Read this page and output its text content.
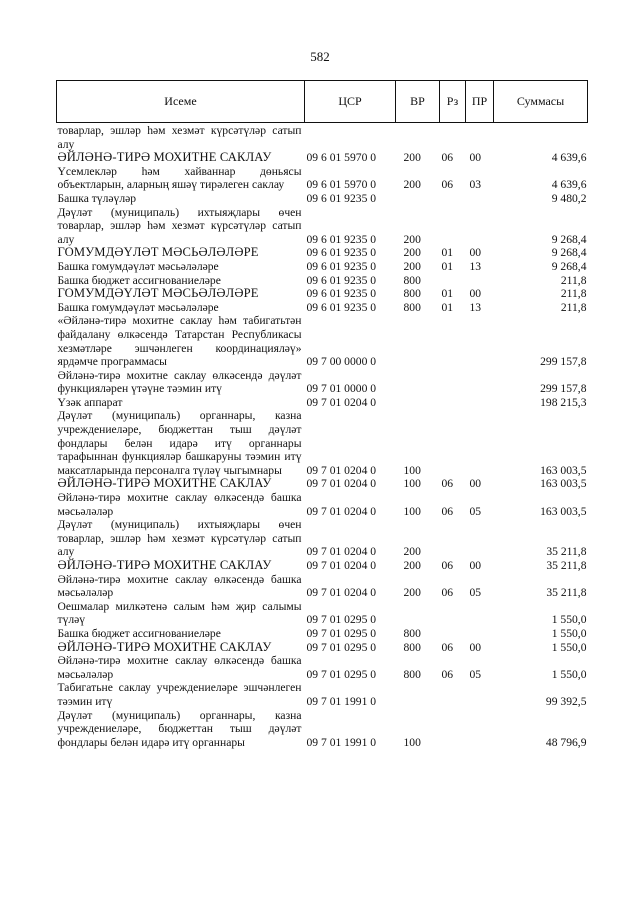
582
Исеме	ЦСР	ВР	Рз	ПР	Суммасы
товарлар, эшләр һәм хезмәт күрсәтүләр сатып алу					
ӘЙЛӘНӘ-ТИРӘ МОХИТНЕ САКЛАУ	09 6 01 5970 0	200	06	00	4 639,6
Үсемлекләр һәм хайваннар дөньясы объектларын, аларның яшәү тирәлеген саклау	09 6 01 5970 0	200	06	03	4 639,6
Башка түләүләр	09 6 01 9235 0				9 480,2
Дәүләт (муниципаль) ихтыяҗлары өчен товарлар, эшләр һәм хезмәт күрсәтүләр сатып алу	09 6 01 9235 0	200			9 268,4
ГОМУМДӘҮЛӘТ МӘСЬӘЛӘЛӘРЕ	09 6 01 9235 0	200	01	00	9 268,4
Башка гомумдәүләт мәсьәләләре	09 6 01 9235 0	200	01	13	9 268,4
Башка бюджет ассигнованиеләре	09 6 01 9235 0	800			211,8
ГОМУМДӘҮЛӘТ МӘСЬӘЛӘЛӘРЕ	09 6 01 9235 0	800	01	00	211,8
Башка гомумдәүләт мәсьәләләре	09 6 01 9235 0	800	01	13	211,8
«Әйләнә-тирә мохитне саклау һәм табигатьтән файдалану өлкәсендә Татарстан Республикасы хезмәтләре эшчәнлеген координацияләү» ярдәмче программасы	09 7 00 0000 0				299 157,8
Әйләнә-тирә мохитне саклау өлкәсендә дәүләт функцияләрен үтәүне тәэмин итү	09 7 01 0000 0				299 157,8
Үзәк аппарат	09 7 01 0204 0				198 215,3
Дәүләт (муниципаль) органнары, казна учреждениеләре, бюджеттан тыш дәүләт фондлары белән идарә итү органнары тарафыннан функцияләр башкаруны тәэмин итү максатларында персоналга түләү чыгымнары	09 7 01 0204 0	100			163 003,5
ӘЙЛӘНӘ-ТИРӘ МОХИТНЕ САКЛАУ	09 7 01 0204 0	100	06	00	163 003,5
Әйләнә-тирә мохитне саклау өлкәсендә башка мәсьәләләр	09 7 01 0204 0	100	06	05	163 003,5
Дәүләт (муниципаль) ихтыяҗлары өчен товарлар, эшләр һәм хезмәт күрсәтүләр сатып алу	09 7 01 0204 0	200			35 211,8
ӘЙЛӘНӘ-ТИРӘ МОХИТНЕ САКЛАУ	09 7 01 0204 0	200	06	00	35 211,8
Әйләнә-тирә мохитне саклау өлкәсендә башка мәсьәләләр	09 7 01 0204 0	200	06	05	35 211,8
Оешмалар милкәтенә салым һәм җир салымы түләү	09 7 01 0295 0				1 550,0
Башка бюджет ассигнованиеләре	09 7 01 0295 0	800			1 550,0
ӘЙЛӘНӘ-ТИРӘ МОХИТНЕ САКЛАУ	09 7 01 0295 0	800	06	00	1 550,0
Әйләнә-тирә мохитне саклау өлкәсендә башка мәсьәләләр	09 7 01 0295 0	800	06	05	1 550,0
Табигатьне саклау учреждениеләре эшчәнлеген тәэмин итү	09 7 01 1991 0				99 392,5
Дәүләт (муниципаль) органнары, казна учреждениеләре, бюджеттан тыш дәүләт фондлары белән идарә итү органнары	09 7 01 1991 0	100			48 796,9
